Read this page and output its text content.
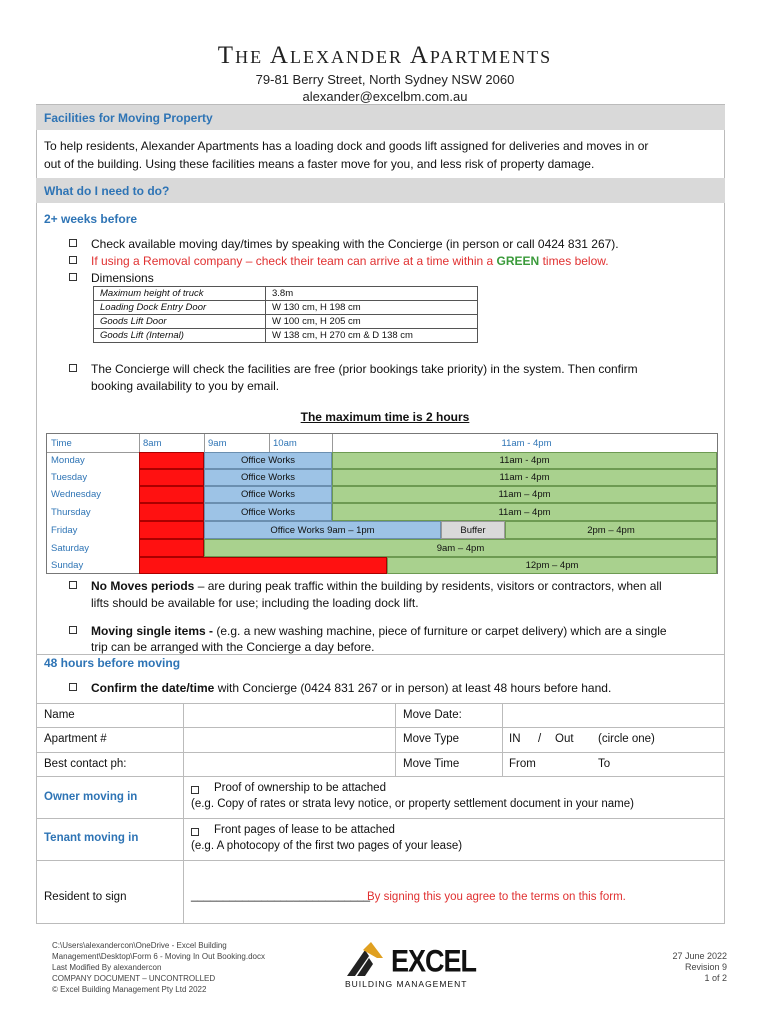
The Alexander Apartments
79-81 Berry Street, North Sydney NSW 2060
alexander@excelbm.com.au
Facilities for Moving Property
To help residents, Alexander Apartments has a loading dock and goods lift assigned for deliveries and moves in or
out of the building. Using these facilities means a faster move for you, and less risk of property damage.
What do I need to do?
2+ weeks before
Check available moving day/times by speaking with the Concierge (in person or call 0424 831 267).
If using a Removal company – check their team can arrive at a time within a GREEN times below.
Dimensions
Maximum height of truck	3.8m
Loading Dock Entry Door	W 130 cm, H 198 cm
Goods Lift Door	W 100 cm, H 205 cm
Goods Lift (Internal)	W 138 cm, H 270 cm & D 138 cm
The Concierge will check the facilities are free (prior bookings take priority) in the system. Then confirm
booking availability to you by email.
The maximum time is 2 hours
Time	8am	9am	10am	11am - 4pm
Monday	Office Works	11am - 4pm
Tuesday	Office Works	11am - 4pm
Wednesday	Office Works	11am – 4pm
Thursday	Office Works	11am – 4pm
Friday	Office Works 9am – 1pm	Buffer	2pm – 4pm
Saturday	9am – 4pm
Sunday	12pm – 4pm
No Moves periods – are during peak traffic within the building by residents, visitors or contractors, when all
lifts should be available for use; including the loading dock lift.
Moving single items - (e.g. a new washing machine, piece of furniture or carpet delivery) which are a single
trip can be arranged with the Concierge a day before.
48 hours before moving
Confirm the date/time with Concierge (0424 831 267 or in person) at least 48 hours before hand.
Name	Move Date:
Apartment #	Move Type	IN / Out (circle one)
Best contact ph:	Move Time	From	To
Owner moving in
Proof of ownership to be attached
(e.g. Copy of rates or strata levy notice, or property settlement document in your name)
Tenant moving in
Front pages of lease to be attached
(e.g. A photocopy of the first two pages of your lease)
Resident to sign	____________________________
By signing this you agree to the terms on this form.
C:\Users\alexandercon\OneDrive - Excel Building
Management\Desktop\Form 6 - Moving In Out Booking.docx
Last Modified By alexandercon
COMPANY DOCUMENT – UNCONTROLLED
© Excel Building Management Pty Ltd 2022
EXCEL
BUILDING MANAGEMENT
27 June 2022
Revision 9
1 of 2
